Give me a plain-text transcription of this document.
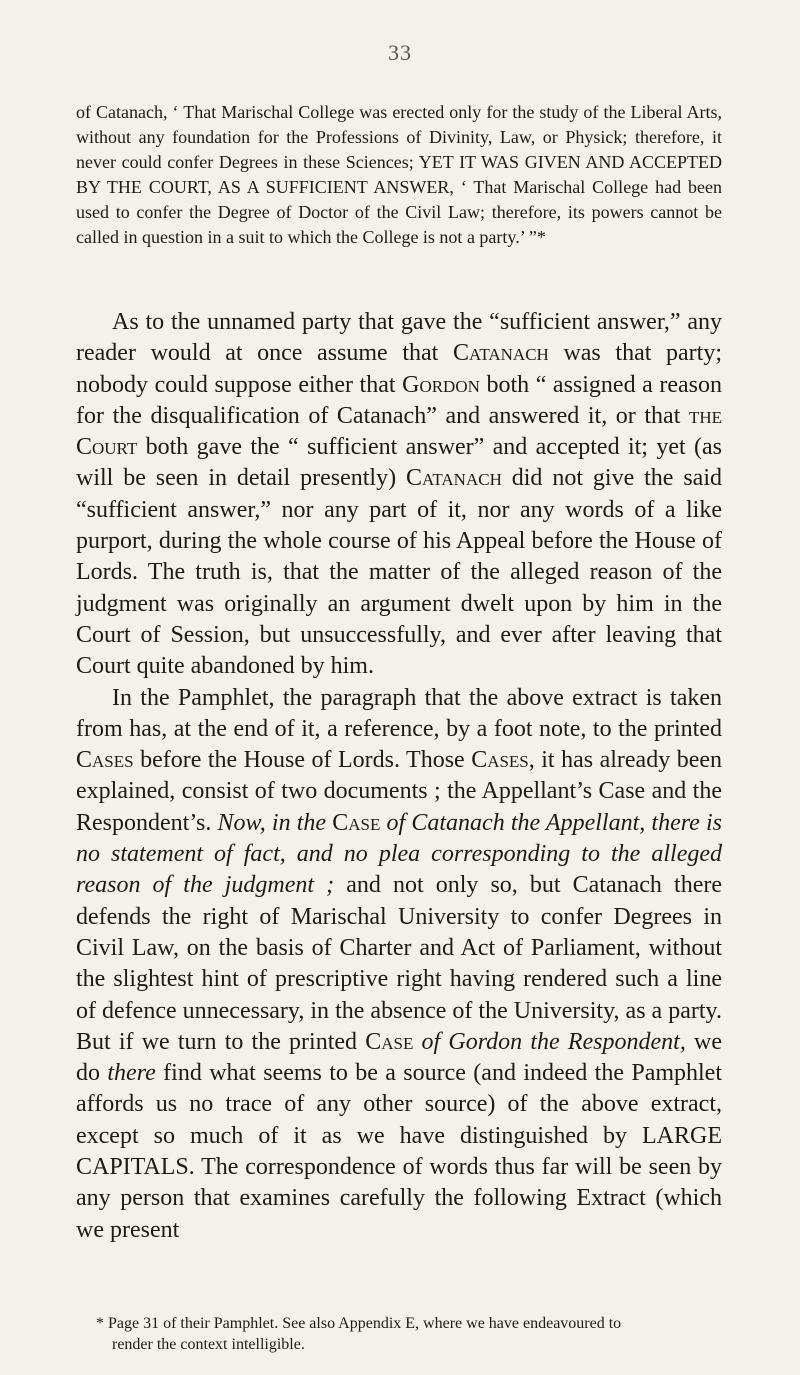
33

of Catanach, ‘ That Marischal College was erected only for the study of the Liberal Arts, without any foundation for the Professions of Divinity, Law, or Physick; therefore, it never could confer Degrees in these Sciences; YET IT WAS GIVEN AND ACCEPTED BY THE COURT, AS A SUFFICIENT ANSWER, ‘ That Marischal College had been used to confer the Degree of Doctor of the Civil Law; therefore, its powers cannot be called in question in a suit to which the College is not a party.’ ”*

As to the unnamed party that gave the “sufficient answer,” any reader would at once assume that Catanach was that party; nobody could suppose either that Gordon both “ assigned a reason for the disqualification of Catanach” and answered it, or that the Court both gave the “ sufficient answer” and accepted it; yet (as will be seen in detail presently) Catanach did not give the said “sufficient answer,” nor any part of it, nor any words of a like purport, during the whole course of his Appeal before the House of Lords. The truth is, that the matter of the alleged reason of the judgment was originally an argument dwelt upon by him in the Court of Session, but unsuccessfully, and ever after leaving that Court quite abandoned by him.

In the Pamphlet, the paragraph that the above extract is taken from has, at the end of it, a reference, by a foot note, to the printed Cases before the House of Lords. Those Cases, it has already been explained, consist of two documents ; the Appellant’s Case and the Respondent’s. Now, in the Case of Catanach the Appellant, there is no statement of fact, and no plea corresponding to the alleged reason of the judgment ; and not only so, but Catanach there defends the right of Marischal University to confer Degrees in Civil Law, on the basis of Charter and Act of Parliament, without the slightest hint of prescriptive right having rendered such a line of defence unnecessary, in the absence of the University, as a party. But if we turn to the printed Case of Gordon the Respondent, we do there find what seems to be a source (and indeed the Pamphlet affords us no trace of any other source) of the above extract, except so much of it as we have distinguished by LARGE CAPITALS. The correspondence of words thus far will be seen by any person that examines carefully the following Extract (which we present

* Page 31 of their Pamphlet. See also Appendix E, where we have endeavoured to

render the context intelligible.
